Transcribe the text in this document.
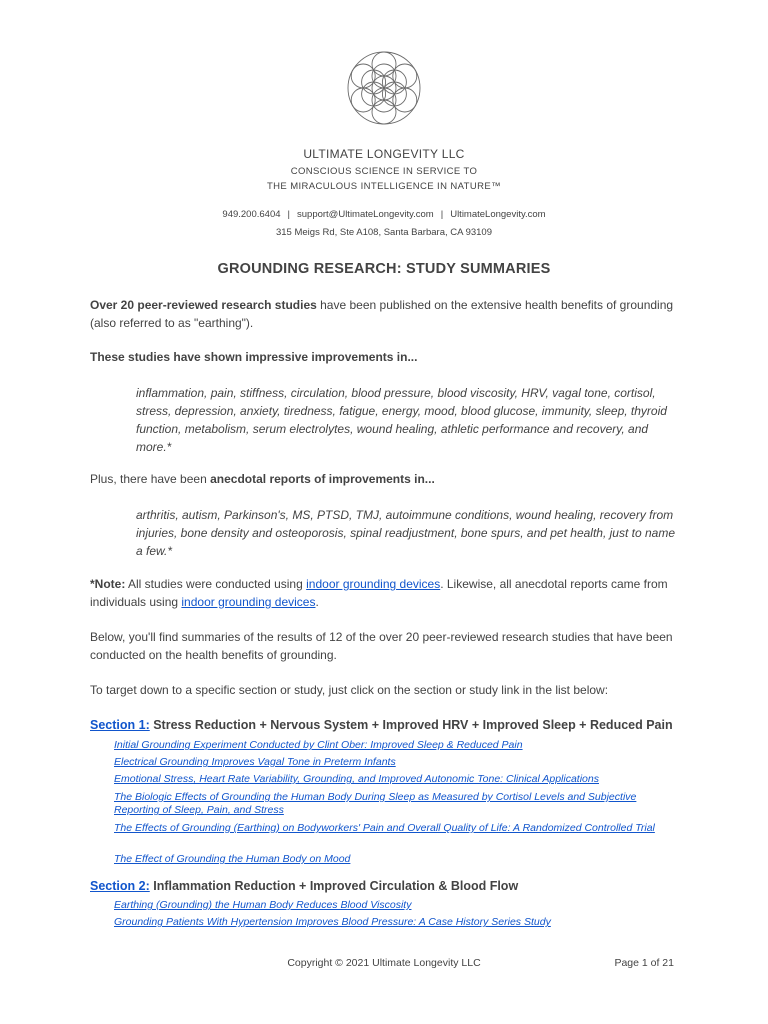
ULTIMATE LONGEVITY LLC
CONSCIOUS SCIENCE IN SERVICE TO
THE MIRACULOUS INTELLIGENCE IN NATURE™
949.200.6404 | support@UltimateLongevity.com | UltimateLongevity.com
315 Meigs Rd, Ste A108, Santa Barbara, CA 93109
GROUNDING RESEARCH: STUDY SUMMARIES
Over 20 peer-reviewed research studies have been published on the extensive health benefits of grounding (also referred to as "earthing").
These studies have shown impressive improvements in...
inflammation, pain, stiffness, circulation, blood pressure, blood viscosity, HRV, vagal tone, cortisol, stress, depression, anxiety, tiredness, fatigue, energy, mood, blood glucose, immunity, sleep, thyroid function, metabolism, serum electrolytes, wound healing, athletic performance and recovery, and more.*
Plus, there have been anecdotal reports of improvements in...
arthritis, autism, Parkinson's, MS, PTSD, TMJ, autoimmune conditions, wound healing, recovery from injuries, bone density and osteoporosis, spinal readjustment, bone spurs, and pet health, just to name a few.*
*Note: All studies were conducted using indoor grounding devices. Likewise, all anecdotal reports came from individuals using indoor grounding devices.
Below, you'll find summaries of the results of 12 of the over 20 peer-reviewed research studies that have been conducted on the health benefits of grounding.
To target down to a specific section or study, just click on the section or study link in the list below:
Section 1: Stress Reduction + Nervous System + Improved HRV + Improved Sleep + Reduced Pain
Initial Grounding Experiment Conducted by Clint Ober: Improved Sleep & Reduced Pain
Electrical Grounding Improves Vagal Tone in Preterm Infants
Emotional Stress, Heart Rate Variability, Grounding, and Improved Autonomic Tone: Clinical Applications
The Biologic Effects of Grounding the Human Body During Sleep as Measured by Cortisol Levels and Subjective Reporting of Sleep, Pain, and Stress
The Effects of Grounding (Earthing) on Bodyworkers' Pain and Overall Quality of Life: A Randomized Controlled Trial
The Effect of Grounding the Human Body on Mood
Section 2: Inflammation Reduction + Improved Circulation & Blood Flow
Earthing (Grounding) the Human Body Reduces Blood Viscosity
Grounding Patients With Hypertension Improves Blood Pressure: A Case History Series Study
Copyright © 2021 Ultimate Longevity LLC	Page 1 of 21
